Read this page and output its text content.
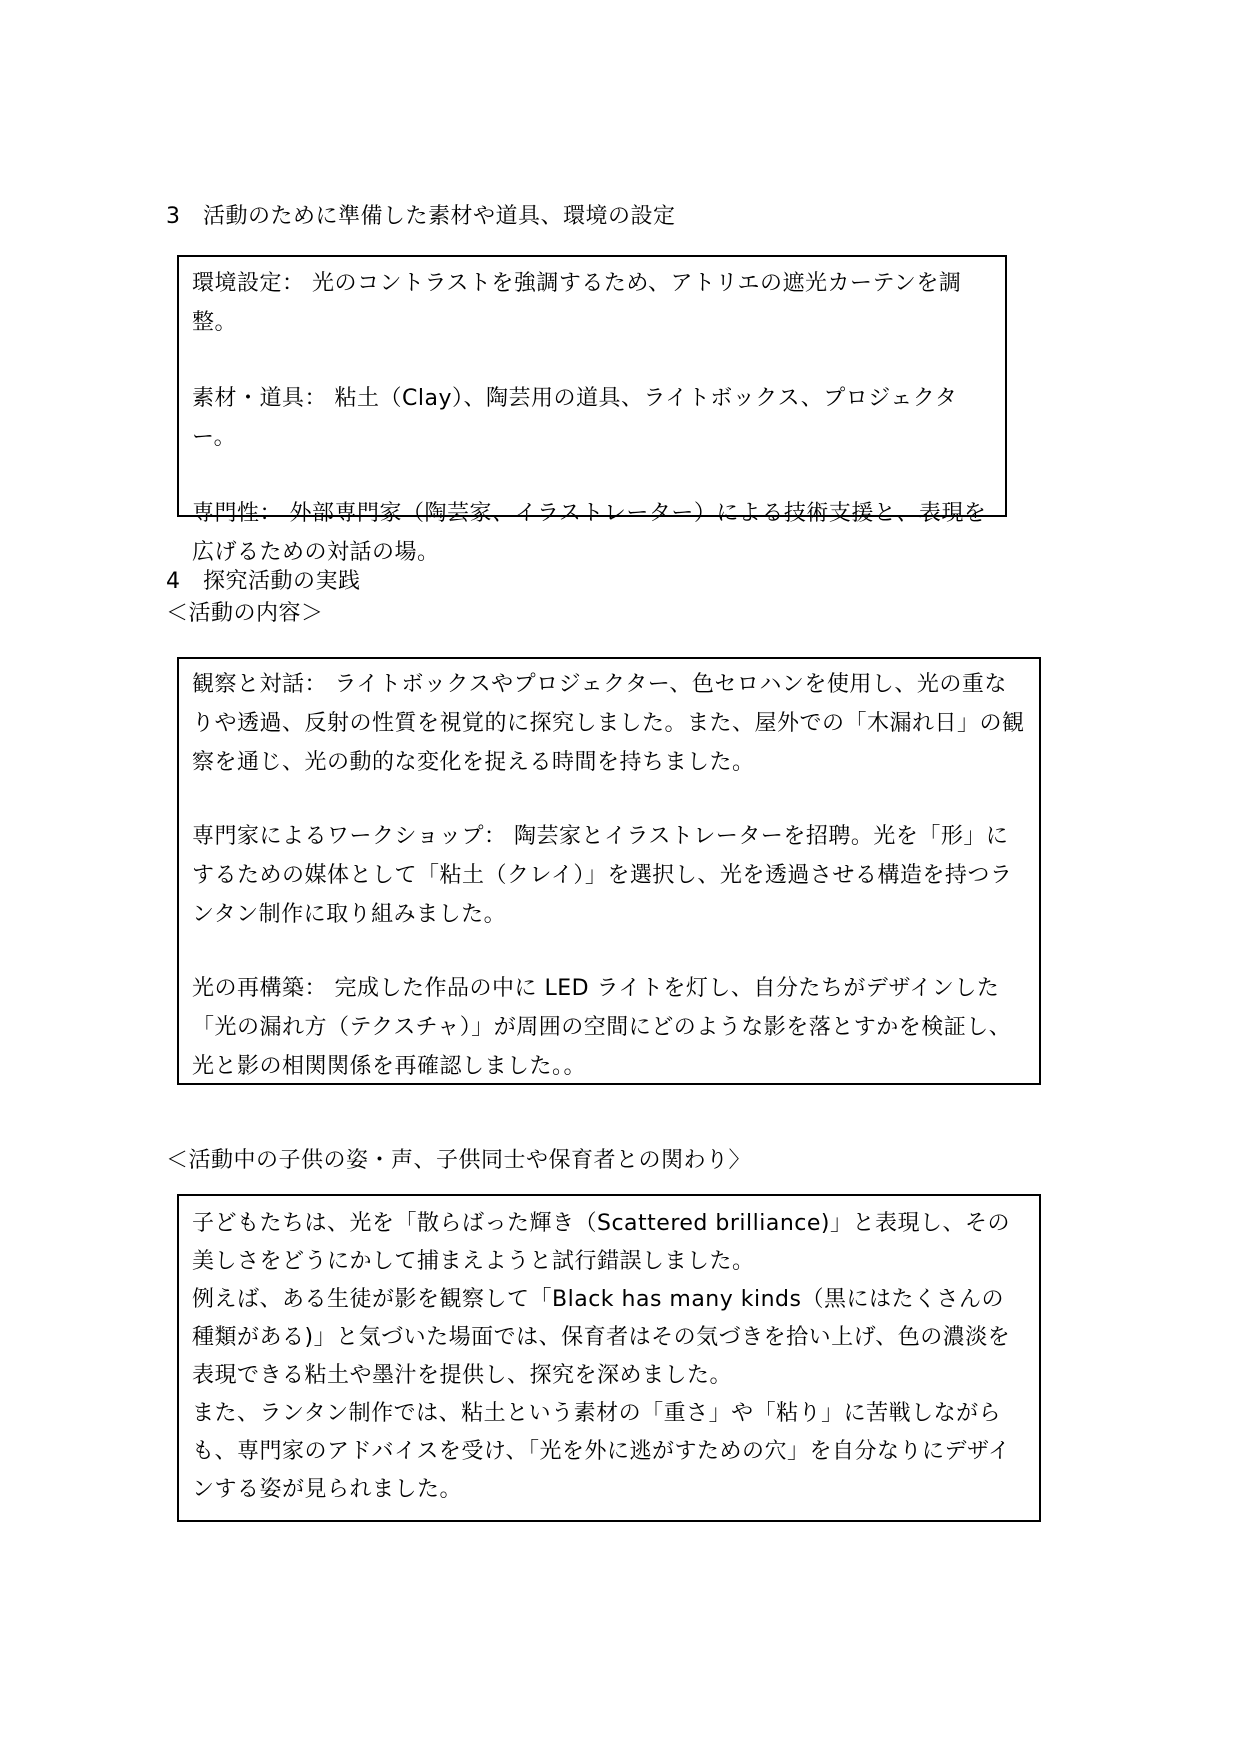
3　活動のために準備した素材や道具、環境の設定

環境設定： 光のコントラストを強調するため、アトリエの遮光カーテンを調整。

素材・道具： 粘土（Clay）、陶芸用の道具、ライトボックス、プロジェクター。

専門性： 外部専門家（陶芸家、イラストレーター）による技術支援と、表現を広げるための対話の場。

4　探究活動の実践
＜活動の内容＞

観察と対話： ライトボックスやプロジェクター、色セロハンを使用し、光の重なりや透過、反射の性質を視覚的に探究しました。また、屋外での「木漏れ日」の観察を通じ、光の動的な変化を捉える時間を持ちました。

専門家によるワークショップ： 陶芸家とイラストレーターを招聘。光を「形」にするための媒体として「粘土（クレイ）」を選択し、光を透過させる構造を持つランタン制作に取り組みました。

光の再構築： 完成した作品の中に LED ライトを灯し、自分たちがデザインした「光の漏れ方（テクスチャ）」が周囲の空間にどのような影を落とすかを検証し、光と影の相関関係を再確認しました。。

＜活動中の子供の姿・声、子供同士や保育者との関わり〉

子どもたちは、光を「散らばった輝き（Scattered brilliance)」と表現し、その美しさをどうにかして捕まえようと試行錯誤しました。

例えば、ある生徒が影を観察して「Black has many kinds（黒にはたくさんの種類がある)」と気づいた場面では、保育者はその気づきを拾い上げ、色の濃淡を表現できる粘土や墨汁を提供し、探究を深めました。

また、ランタン制作では、粘土という素材の「重さ」や「粘り」に苦戦しながらも、専門家のアドバイスを受け、「光を外に逃がすための穴」を自分なりにデザインする姿が見られました。
